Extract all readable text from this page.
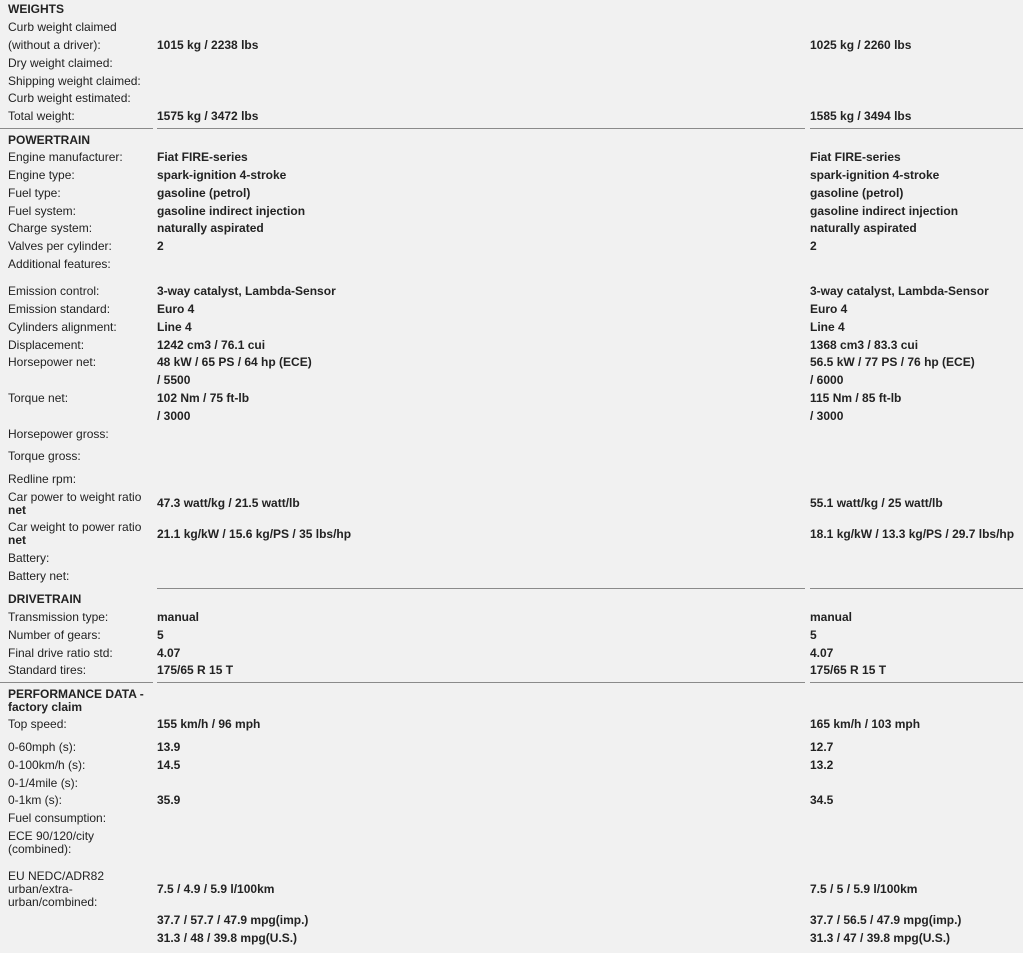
WEIGHTS
Curb weight claimed
(without a driver):	1015 kg / 2238 lbs	1025 kg / 2260 lbs
Dry weight claimed:
Shipping weight claimed:
Curb weight estimated:
Total weight:	1575 kg / 3472 lbs	1585 kg / 3494 lbs
POWERTRAIN
Engine manufacturer:	Fiat FIRE-series	Fiat FIRE-series
Engine type:	spark-ignition 4-stroke	spark-ignition 4-stroke
Fuel type:	gasoline (petrol)	gasoline (petrol)
Fuel system:	gasoline indirect injection	gasoline indirect injection
Charge system:	naturally aspirated	naturally aspirated
Valves per cylinder:	2	2
Additional features:
Emission control:	3-way catalyst, Lambda-Sensor	3-way catalyst, Lambda-Sensor
Emission standard:	Euro 4	Euro 4
Cylinders alignment:	Line 4	Line 4
Displacement:	1242 cm3 / 76.1 cui	1368 cm3 / 83.3 cui
Horsepower net:	48 kW / 65 PS / 64 hp (ECE)	56.5 kW / 77 PS / 76 hp (ECE)
/ 5500	/ 6000
Torque net:	102 Nm / 75 ft-lb	115 Nm / 85 ft-lb
/ 3000	/ 3000
Horsepower gross:
Torque gross:
Redline rpm:
Car power to weight ratio
net	47.3 watt/kg / 21.5 watt/lb	55.1 watt/kg / 25 watt/lb
Car weight to power ratio
net	21.1 kg/kW / 15.6 kg/PS / 35 lbs/hp	18.1 kg/kW / 13.3 kg/PS / 29.7 lbs/hp
Battery:
Battery net:
DRIVETRAIN
Transmission type:	manual	manual
Number of gears:	5	5
Final drive ratio std:	4.07	4.07
Standard tires:	175/65 R 15 T	175/65 R 15 T
PERFORMANCE DATA - factory claim
Top speed:	155 km/h / 96 mph	165 km/h / 103 mph
0-60mph (s):	13.9	12.7
0-100km/h (s):	14.5	13.2
0-1/4mile (s):
0-1km (s):	35.9	34.5
Fuel consumption:
ECE 90/120/city
(combined):
EU NEDC/ADR82
urban/extra-
urban/combined:
7.5 / 4.9 / 5.9 l/100km	7.5 / 5 / 5.9 l/100km
37.7 / 57.7 / 47.9 mpg(imp.)	37.7 / 56.5 / 47.9 mpg(imp.)
31.3 / 48 / 39.8 mpg(U.S.)	31.3 / 47 / 39.8 mpg(U.S.)
